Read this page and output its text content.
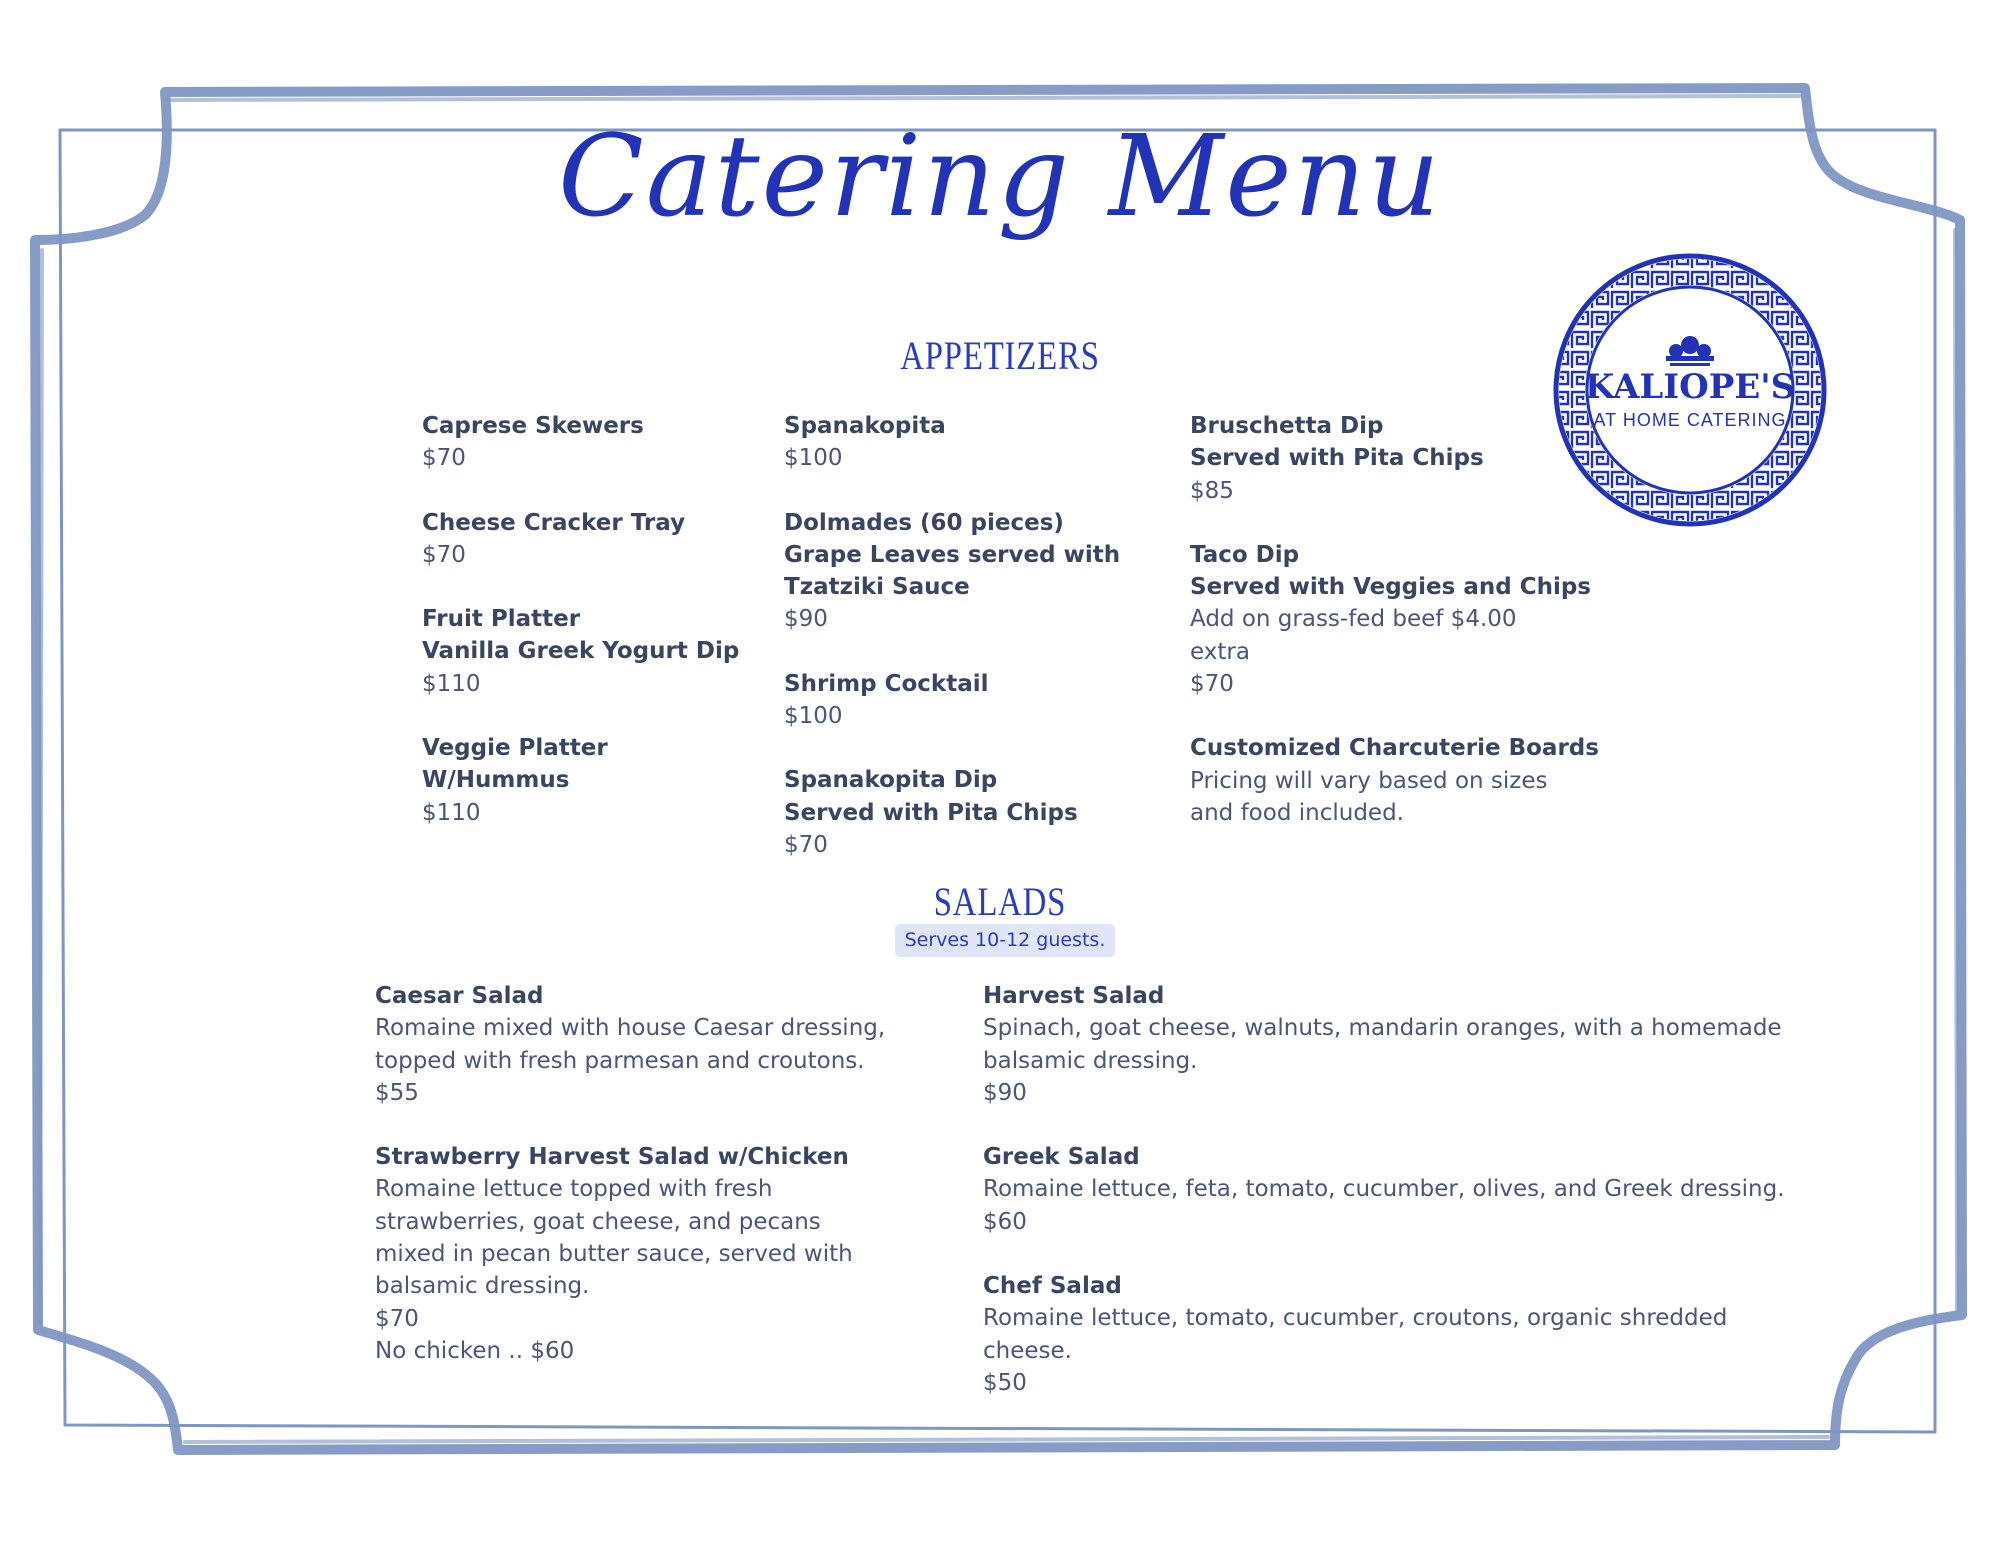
Catering Menu
KALIOPE'S
AT HOME CATERING
APPETIZERS
Caprese Skewers
$70
Cheese Cracker Tray
$70
Fruit Platter
Vanilla Greek Yogurt Dip
$110
Veggie Platter
W/Hummus
$110
Spanakopita
$100
Dolmades (60 pieces)
Grape Leaves served with
Tzatziki Sauce
$90
Shrimp Cocktail
$100
Spanakopita Dip
Served with Pita Chips
$70
Bruschetta Dip
Served with Pita Chips
$85
Taco Dip
Served with Veggies and Chips
Add on grass-fed beef $4.00
extra
$70
Customized Charcuterie Boards
Pricing will vary based on sizes
and food included.
SALADS
Serves 10-12 guests.
Caesar Salad
Romaine mixed with house Caesar dressing,
topped with fresh parmesan and croutons.
$55
Strawberry Harvest Salad w/Chicken
Romaine lettuce topped with fresh
strawberries, goat cheese, and pecans
mixed in pecan butter sauce, served with
balsamic dressing.
$70
No chicken .. $60
Harvest Salad
Spinach, goat cheese, walnuts, mandarin oranges, with a homemade
balsamic dressing.
$90
Greek Salad
Romaine lettuce, feta, tomato, cucumber, olives, and Greek dressing.
$60
Chef Salad
Romaine lettuce, tomato, cucumber, croutons, organic shredded
cheese.
$50
